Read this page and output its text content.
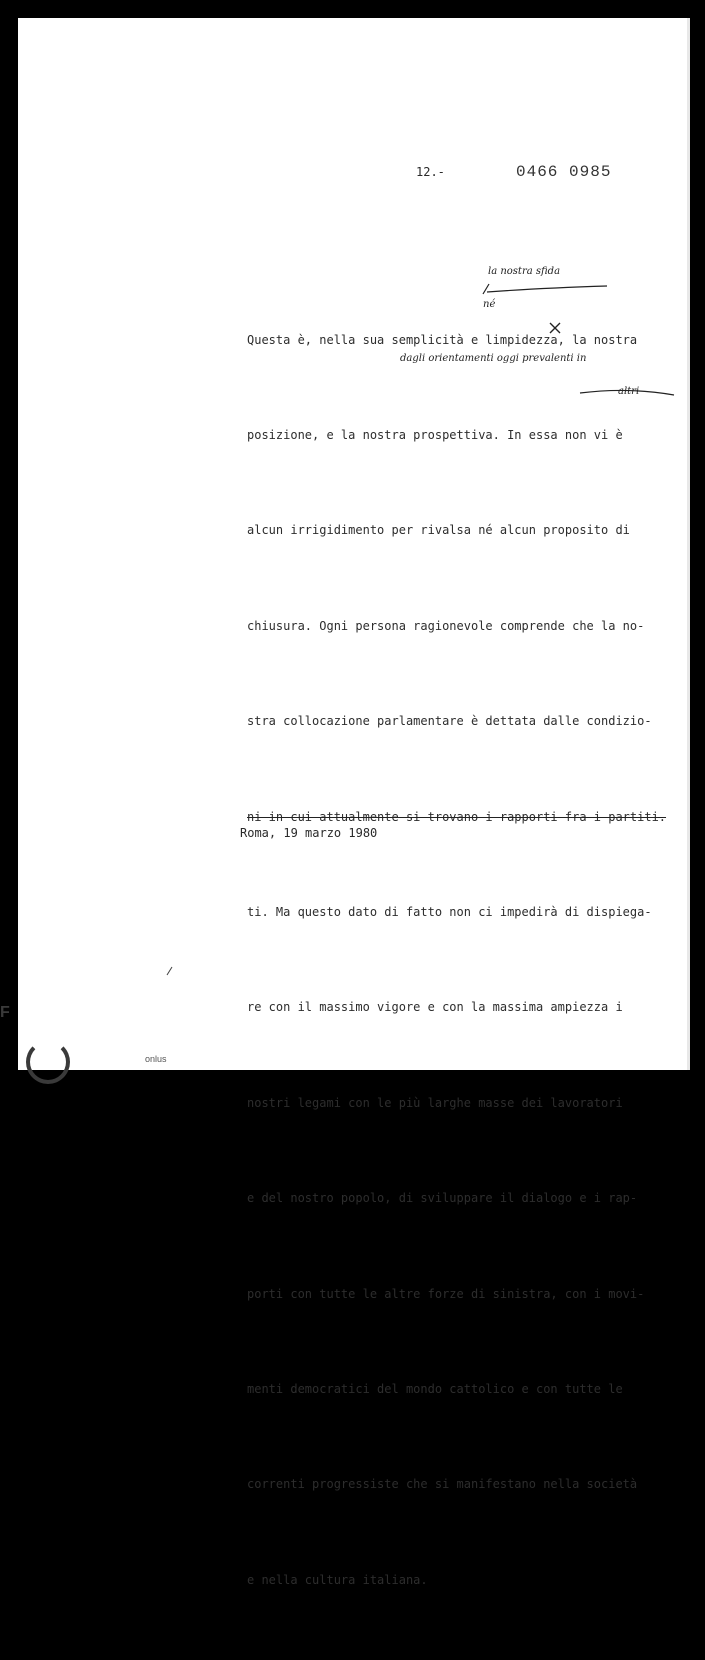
12.-	0466 0985

Questa è, nella sua semplicità e limpidezza, la nostra

posizione, e la nostra prospettiva. In essa non vi è

alcun irrigidimento per rivalsa né alcun proposito di

chiusura. Ogni persona ragionevole comprende che la no-

stra collocazione parlamentare è dettata dalle condizio-

ni in cui attualmente si trovano i rapporti fra i partiti.

ti. Ma questo dato di fatto non ci impedirà di dispiega-

re con il massimo vigore e con la massima ampiezza i

nostri legami con le più larghe masse dei lavoratori

e del nostro popolo, di sviluppare il dialogo e i rap-

porti con tutte le altre forze di sinistra, con i movi-

menti democratici del mondo cattolico e con tutte le

correnti progressiste che si manifestano nella società

e nella cultura italiana.

la nostra sfida
né
dagli orientamenti oggi prevalenti in
altri
Roma, 19 marzo 1980
F
onlus
